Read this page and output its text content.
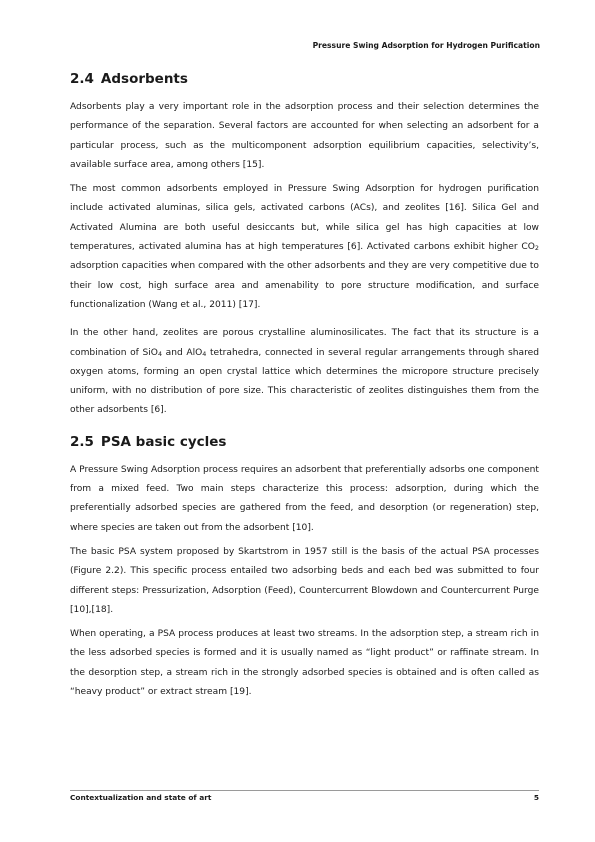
Pressure Swing Adsorption for Hydrogen Purification
2.4 Adsorbents

Adsorbents play a very important role in the adsorption process and their selection determines the performance of the separation. Several factors are accounted for when selecting an adsorbent for a particular process, such as the multicomponent adsorption equilibrium capacities, selectivity’s, available surface area, among others [15].

The most common adsorbents employed in Pressure Swing Adsorption for hydrogen purification include activated aluminas, silica gels, activated carbons (ACs), and zeolites [16]. Silica Gel and Activated Alumina are both useful desiccants but, while silica gel has high capacities at low temperatures, activated alumina has at high temperatures [6]. Activated carbons exhibit higher $CO_2$ adsorption capacities when compared with the other adsorbents and they are very competitive due to their low cost, high surface area and amenability to pore structure modification, and surface functionalization (Wang et al., 2011) [17].

In the other hand, zeolites are porous crystalline aluminosilicates. The fact that its structure is a combination of SiO$_4$ and AlO$_4$ tetrahedra, connected in several regular arrangements through shared oxygen atoms, forming an open crystal lattice which determines the micropore structure precisely uniform, with no distribution of pore size. This characteristic of zeolites distinguishes them from the other adsorbents [6].

2.5 PSA basic cycles

A Pressure Swing Adsorption process requires an adsorbent that preferentially adsorbs one component from a mixed feed. Two main steps characterize this process: adsorption, during which the preferentially adsorbed species are gathered from the feed, and desorption (or regeneration) step, where species are taken out from the adsorbent [10].

The basic PSA system proposed by Skartstrom in 1957 still is the basis of the actual PSA processes (Figure 2.2). This specific process entailed two adsorbing beds and each bed was submitted to four different steps: Pressurization, Adsorption (Feed), Countercurrent Blowdown and Countercurrent Purge [10],[18].

When operating, a PSA process produces at least two streams. In the adsorption step, a stream rich in the less adsorbed species is formed and it is usually named as “light product” or raffinate stream. In the desorption step, a stream rich in the strongly adsorbed species is obtained and is often called as “heavy product” or extract stream [19].

Contextualization and state of art	5
